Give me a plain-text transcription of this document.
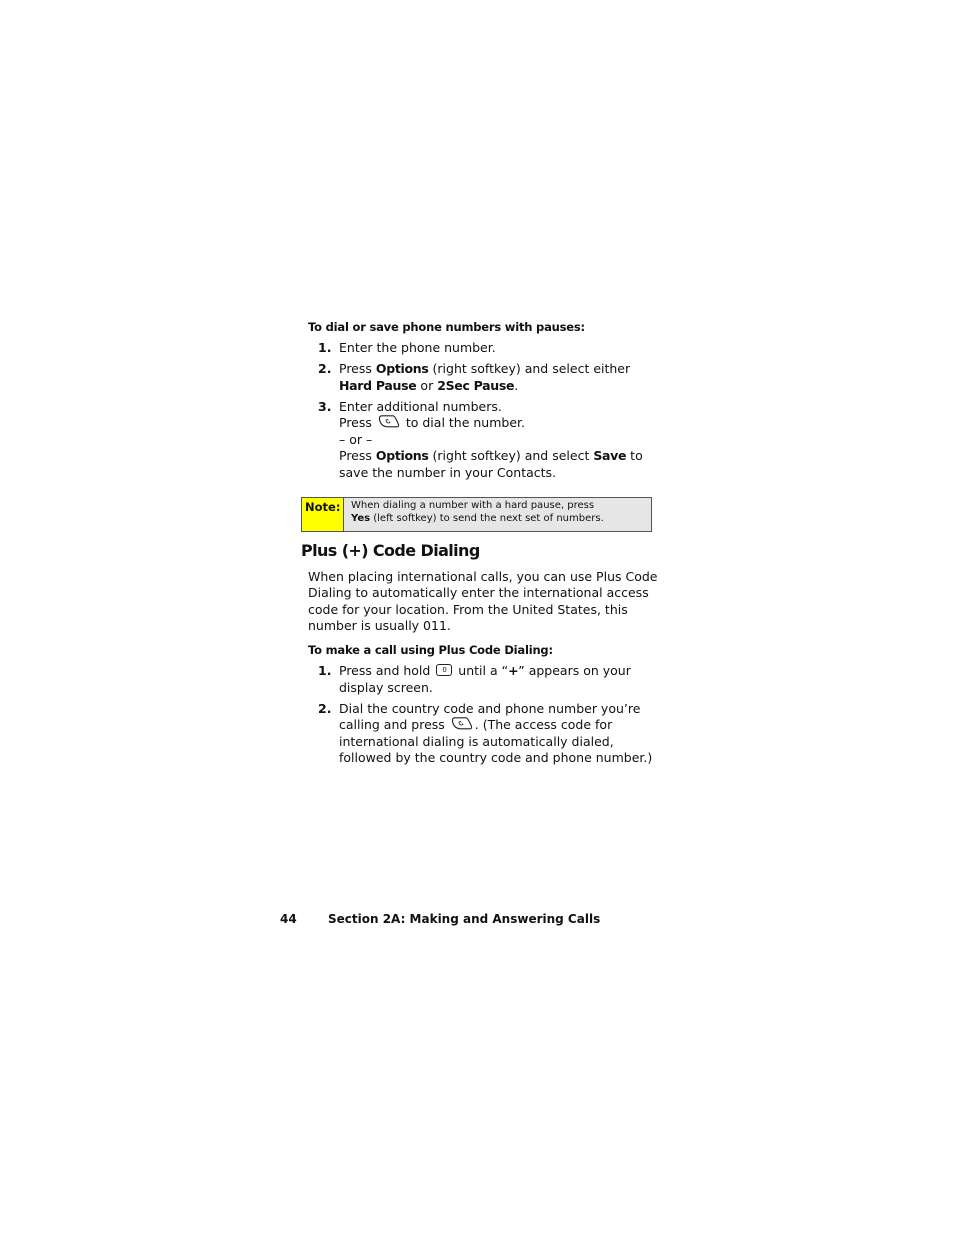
To dial or save phone numbers with pauses:
1. Enter the phone number.
2. Press Options (right softkey) and select either Hard Pause or 2Sec Pause.
3. Enter additional numbers.
Press
to dial the number.
– or –
Press Options (right softkey) and select Save to save the number in your Contacts.
Note:	When dialing a number with a hard pause, press
Yes (left softkey) to send the next set of numbers.
Plus (+) Code Dialing
When placing international calls, you can use Plus Code Dialing to automatically enter the international access code for your location. From the United States, this number is usually 011.
To make a call using Plus Code Dialing:
1. Press and hold 0 until a “+” appears on your display screen.
2. Dial the country code and phone number you’re calling and press
. (The access code for international dialing is automatically dialed, followed by the country code and phone number.)
44	Section 2A: Making and Answering Calls
